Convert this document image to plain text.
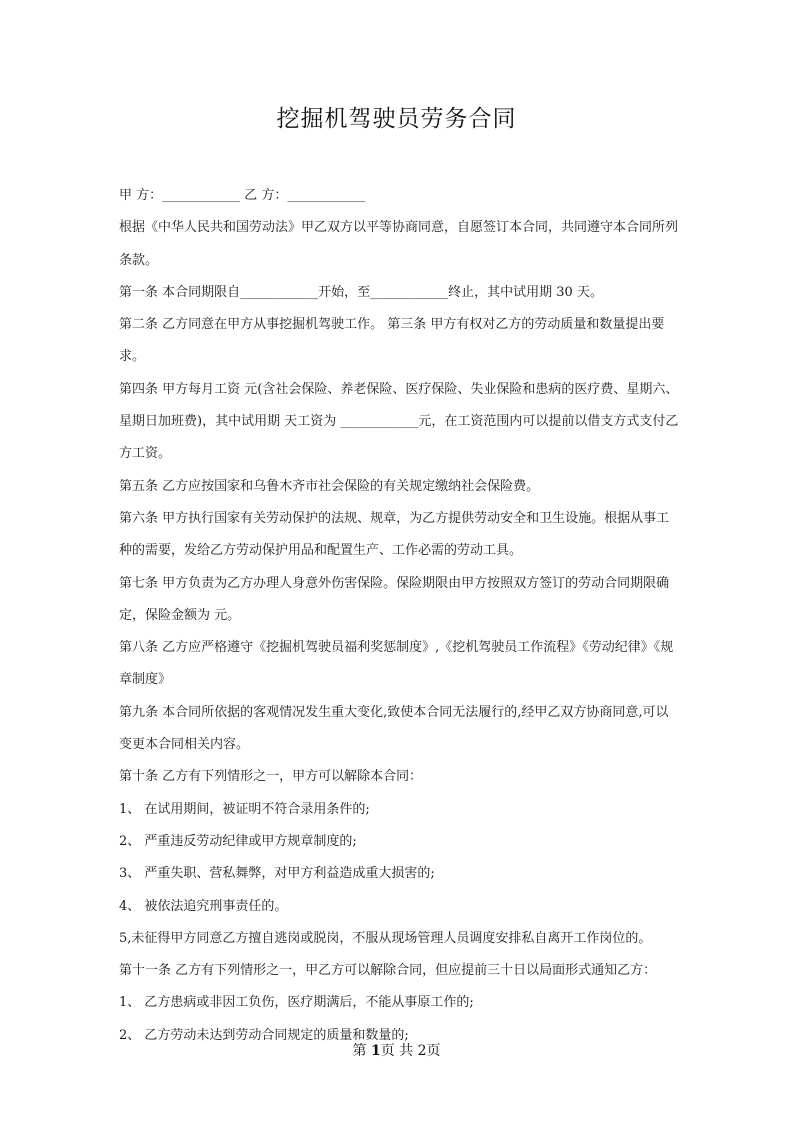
挖掘机驾驶员劳务合同

甲 方：____________ 乙 方：____________

根据《中华人民共和国劳动法》甲乙双方以平等协商同意，自愿签订本合同，共同遵守本合同所列条款。

第一条 本合同期限自____________开始，至____________终止，其中试用期 30 天。

第二条 乙方同意在甲方从事挖掘机驾驶工作。 第三条 甲方有权对乙方的劳动质量和数量提出要求。

第四条 甲方每月工资 元(含社会保险、养老保险、医疗保险、失业保险和患病的医疗费、星期六、星期日加班费)，其中试用期 天工资为 ____________元，在工资范围内可以提前以借支方式支付乙方工资。

第五条 乙方应按国家和乌鲁木齐市社会保险的有关规定缴纳社会保险费。

第六条 甲方执行国家有关劳动保护的法规、规章，为乙方提供劳动安全和卫生设施。根据从事工种的需要，发给乙方劳动保护用品和配置生产、工作必需的劳动工具。

第七条 甲方负责为乙方办理人身意外伤害保险。保险期限由甲方按照双方签订的劳动合同期限确定，保险金额为 元。

第八条 乙方应严格遵守《挖掘机驾驶员福利奖惩制度》,《挖机驾驶员工作流程》《劳动纪律》《规章制度》

第九条 本合同所依据的客观情况发生重大变化,致使本合同无法履行的,经甲乙双方协商同意,可以变更本合同相关内容。

第十条 乙方有下列情形之一，甲方可以解除本合同：

1、 在试用期间，被证明不符合录用条件的;

2、 严重违反劳动纪律或甲方规章制度的;

3、 严重失职、营私舞弊，对甲方利益造成重大损害的;

4、 被依法追究刑事责任的。

5,未征得甲方同意乙方擅自逃岗或脱岗，不服从现场管理人员调度安排私自离开工作岗位的。

第十一条 乙方有下列情形之一，甲乙方可以解除合同，但应提前三十日以局面形式通知乙方：

1、 乙方患病或非因工负伤，医疗期满后，不能从事原工作的;

2、 乙方劳动未达到劳动合同规定的质量和数量的;

第 1页 共 2页
